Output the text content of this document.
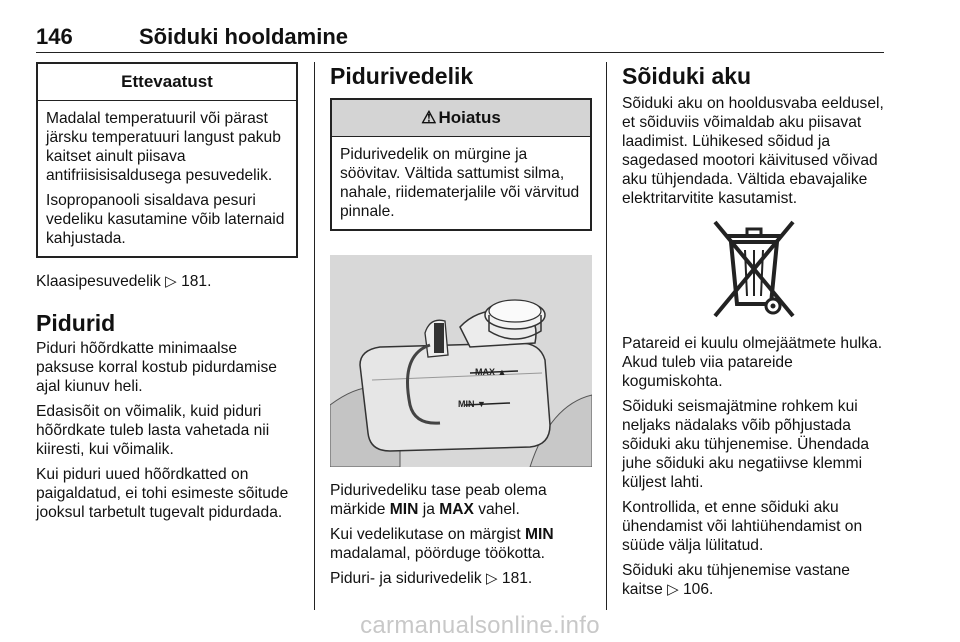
146	Sõiduki hooldamine
Ettevaatust

Madalal temperatuuril või pärast järsku temperatuuri langust pakub kaitset ainult piisava antifriisisisaldusega pesuvedelik.

Isopropanooli sisaldava pesuri vedeliku kasutamine võib laternaid kahjustada.

Klaasipesuvedelik ▷ 181.

Pidurid

Piduri hõõrdkatte minimaalse paksuse korral kostub pidurdamise ajal kiunuv heli.

Edasisõit on võimalik, kuid piduri hõõrdkate tuleb lasta vahetada nii kiiresti, kui võimalik.

Kui piduri uued hõõrdkatted on paigaldatud, ei tohi esimeste sõitude jooksul tarbetult tugevalt pidurdada.

Pidurivedelik
⚠ Hoiatus

Pidurivedelik on mürgine ja söövitav. Vältida sattumist silma, nahale, riidematerjalile või värvitud pinnale.

MAX ▲
MIN ▼

Pidurivedeliku tase peab olema märkide MIN ja MAX vahel.

Kui vedelikutase on märgist MIN madalamal, pöörduge töökotta.

Piduri- ja sidurivedelik ▷ 181.

Sõiduki aku

Sõiduki aku on hooldusvaba eeldusel, et sõiduviis võimaldab aku piisavat laadimist. Lühikesed sõidud ja sagedased mootori käivitused võivad aku tühjendada. Vältida ebavajalike elektritarvitite kasutamist.

Patareid ei kuulu olmejäätmete hulka. Akud tuleb viia patareide kogumiskohta.

Sõiduki seismajätmine rohkem kui neljaks nädalaks võib põhjustada sõiduki aku tühjenemise. Ühendada juhe sõiduki aku negatiivse klemmi küljest lahti.

Kontrollida, et enne sõiduki aku ühendamist või lahtiühendamist on süüde välja lülitatud.

Sõiduki aku tühjenemise vastane kaitse ▷ 106.

carmanualsonline.info
